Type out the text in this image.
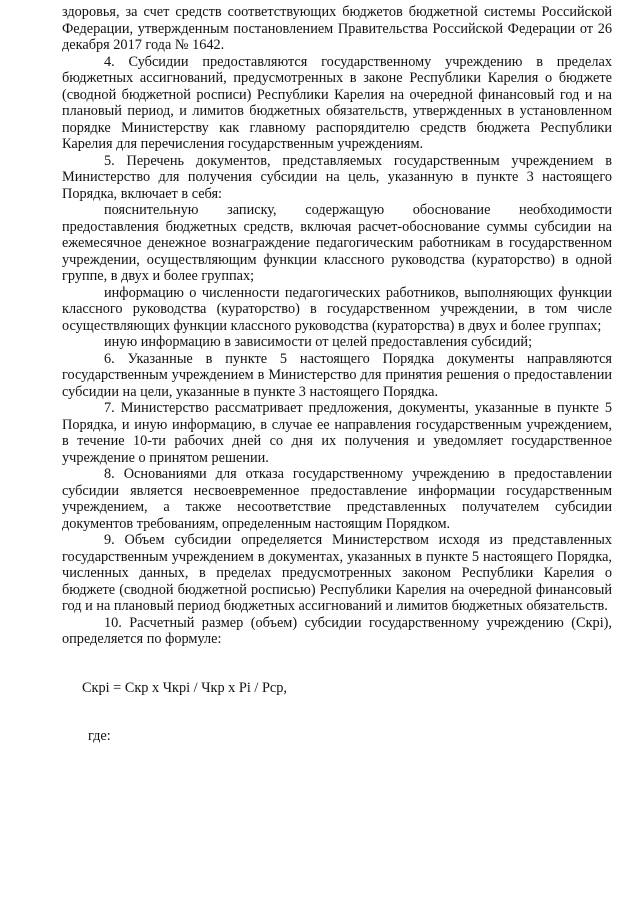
здоровья, за счет средств соответствующих бюджетов бюджетной системы Российской Федерации, утвержденным постановлением Правительства Российской Федерации от 26 декабря 2017 года № 1642.

4. Субсидии предоставляются государственному учреждению в пределах бюджетных ассигнований, предусмотренных в законе Республики Карелия о бюджете (сводной бюджетной росписи) Республики Карелия на очередной финансовый год и на плановый период, и лимитов бюджетных обязательств, утвержденных в установленном порядке Министерству как главному распорядителю средств бюджета Республики Карелия для перечисления государственным учреждениям.

5. Перечень документов, представляемых государственным учреждением в Министерство для получения субсидии на цель, указанную в пункте 3 настоящего Порядка, включает в себя:

пояснительную записку, содержащую обоснование необходимости предоставления бюджетных средств, включая расчет-обоснование суммы субсидии на ежемесячное денежное вознаграждение педагогическим работникам в государственном учреждении, осуществляющим функции классного руководства (кураторство) в одной группе, в двух и более группах;

информацию о численности педагогических работников, выполняющих функции классного руководства (кураторство) в государственном учреждении, в том числе осуществляющих функции классного руководства (кураторства) в двух и более группах;

иную информацию в зависимости от целей предоставления субсидий;

6. Указанные в пункте 5 настоящего Порядка документы направляются государственным учреждением в Министерство для принятия решения о предоставлении субсидии на цели, указанные в пункте 3 настоящего Порядка.

7. Министерство рассматривает предложения, документы, указанные в пункте 5 Порядка, и иную информацию, в случае ее направления государственным учреждением, в течение 10-ти рабочих дней со дня их получения и уведомляет государственное учреждение о принятом решении.

8. Основаниями для отказа государственному учреждению в предоставлении субсидии является несвоевременное предоставление информации государственным учреждением, а также несоответствие представленных получателем субсидии документов требованиям, определенным настоящим Порядком.

9. Объем субсидии определяется Министерством исходя из представленных государственным учреждением в документах, указанных в пункте 5 настоящего Порядка, численных данных, в пределах предусмотренных законом Республики Карелия о бюджете (сводной бюджетной росписью) Республики Карелия на очередной финансовый год и на плановый период бюджетных ассигнований и лимитов бюджетных обязательств.

10. Расчетный размер (объем) субсидии государственному учреждению (Скрi), определяется по формуле:

Скрi = Скр х Чкрi / Чкр х Рi / Рср,

где:
